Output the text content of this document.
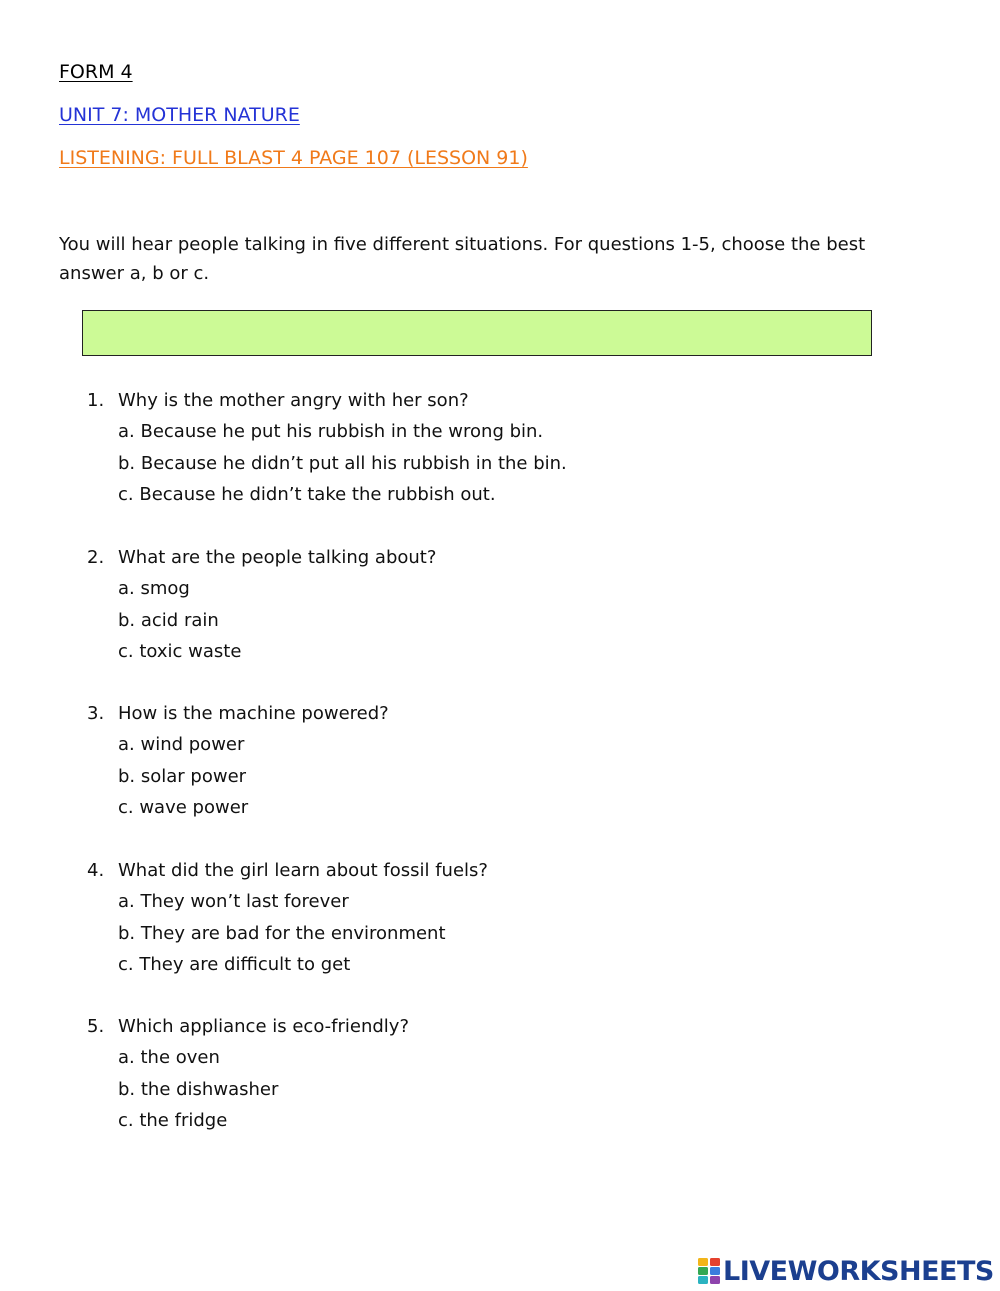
FORM 4
UNIT 7: MOTHER NATURE
LISTENING: FULL BLAST 4 PAGE 107 (LESSON 91)
You will hear people talking in five different situations. For questions 1-5, choose the best answer a, b or c.
1. Why is the mother angry with her son?
a. Because he put his rubbish in the wrong bin.
b. Because he didn’t put all his rubbish in the bin.
c. Because he didn’t take the rubbish out.
2. What are the people talking about?
a. smog
b. acid rain
c. toxic waste
3. How is the machine powered?
a. wind power
b. solar power
c. wave power
4. What did the girl learn about fossil fuels?
a. They won’t last forever
b. They are bad for the environment
c. They are difficult to get
5. Which appliance is eco-friendly?
a. the oven
b. the dishwasher
c. the fridge
LIVEWORKSHEETS
